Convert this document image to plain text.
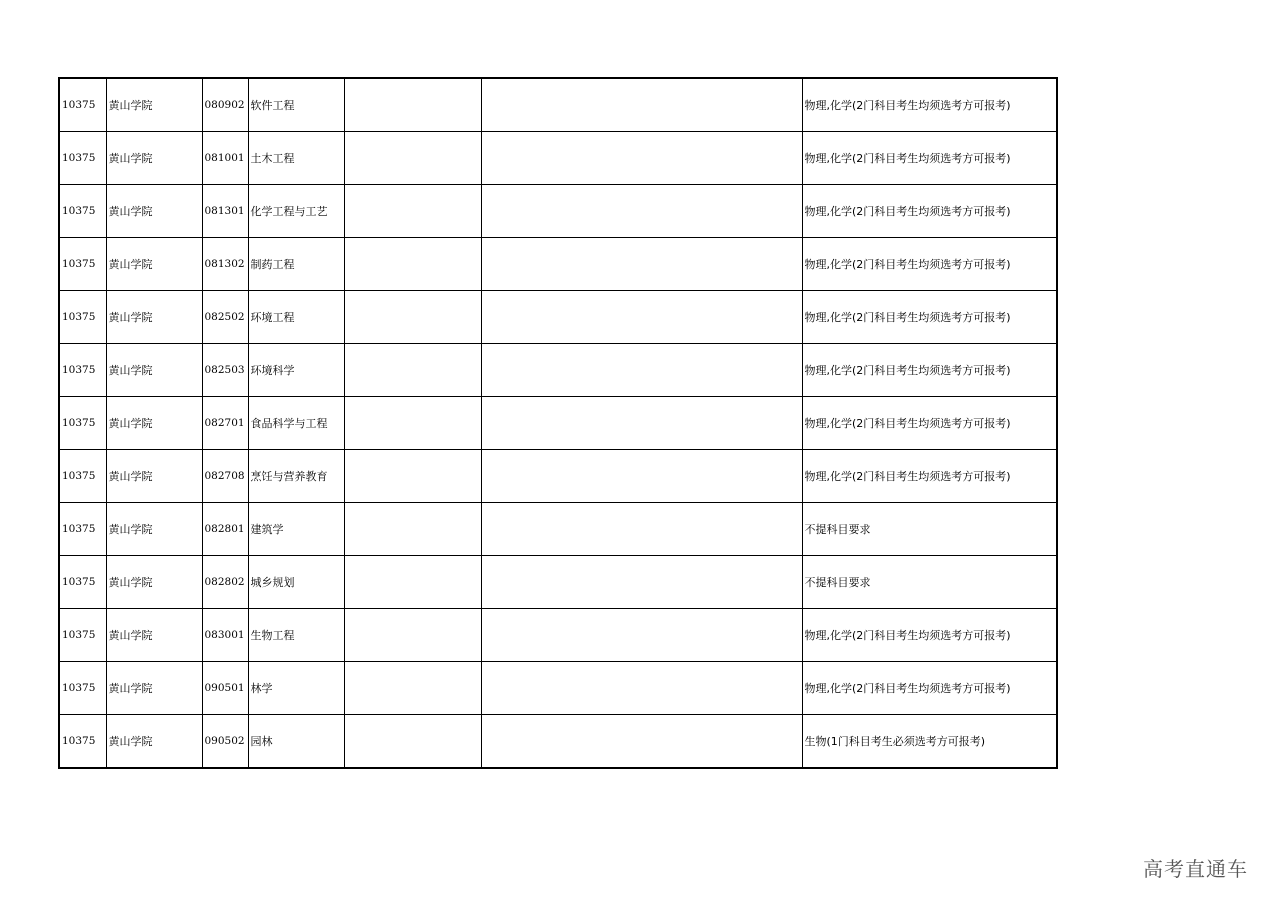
10375	黄山学院	080902	软件工程			物理,化学(2门科目考生均须选考方可报考)
10375	黄山学院	081001	土木工程			物理,化学(2门科目考生均须选考方可报考)
10375	黄山学院	081301	化学工程与工艺			物理,化学(2门科目考生均须选考方可报考)
10375	黄山学院	081302	制药工程			物理,化学(2门科目考生均须选考方可报考)
10375	黄山学院	082502	环境工程			物理,化学(2门科目考生均须选考方可报考)
10375	黄山学院	082503	环境科学			物理,化学(2门科目考生均须选考方可报考)
10375	黄山学院	082701	食品科学与工程			物理,化学(2门科目考生均须选考方可报考)
10375	黄山学院	082708	烹饪与营养教育			物理,化学(2门科目考生均须选考方可报考)
10375	黄山学院	082801	建筑学			不提科目要求
10375	黄山学院	082802	城乡规划			不提科目要求
10375	黄山学院	083001	生物工程			物理,化学(2门科目考生均须选考方可报考)
10375	黄山学院	090501	林学			物理,化学(2门科目考生均须选考方可报考)
10375	黄山学院	090502	园林			生物(1门科目考生必须选考方可报考)
高考直通车
